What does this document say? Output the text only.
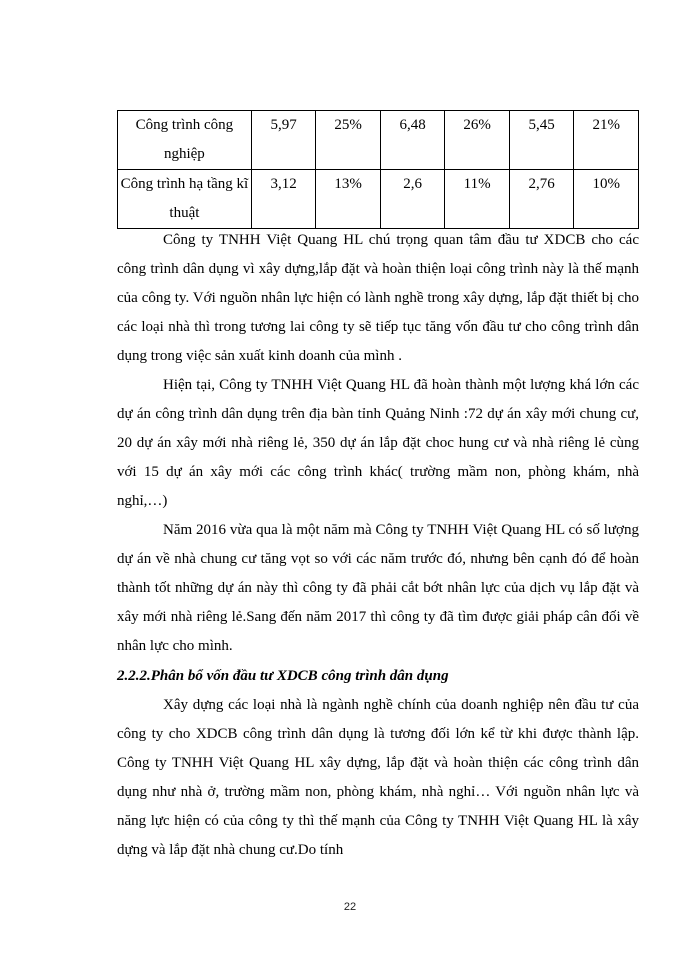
Công trình công nghiệp	5,97	25%	6,48	26%	5,45	21%
Công trình hạ tầng kĩ thuật	3,12	13%	2,6	11%	2,76	10%

Công ty TNHH Việt Quang HL chú trọng quan tâm đầu tư XDCB cho các công trình dân dụng vì xây dựng,lắp đặt và hoàn thiện loại công trình này là thế mạnh của công ty. Với nguồn nhân lực hiện có lành nghề trong xây dựng, lắp đặt thiết bị cho các loại nhà thì trong tương lai công ty sẽ tiếp tục tăng vốn đầu tư cho công trình dân dụng trong việc sản xuất kinh doanh của mình .

Hiện tại, Công ty TNHH Việt Quang HL đã hoàn thành một lượng khá lớn các dự án công trình dân dụng trên địa bàn tỉnh Quảng Ninh :72 dự án xây mới chung cư, 20 dự án xây mới nhà riêng lẻ, 350 dự án lắp đặt choc hung cư và nhà riêng lẻ cùng với 15 dự án xây mới các công trình khác( trường mầm non, phòng khám, nhà nghỉ,…)

Năm 2016 vừa qua là một năm mà Công ty TNHH Việt Quang HL có số lượng dự án về nhà chung cư tăng vọt so với các năm trước đó, nhưng bên cạnh đó để hoàn thành tốt những dự án này thì công ty đã phải cắt bớt nhân lực của dịch vụ lắp đặt và xây mới nhà riêng lẻ.Sang đến năm 2017 thì công ty đã tìm được giải pháp cân đối về nhân lực cho mình.

2.2.2.Phân bổ vốn đầu tư XDCB công trình dân dụng

Xây dựng các loại nhà là ngành nghề chính của doanh nghiệp nên đầu tư của công ty cho XDCB công trình dân dụng là tương đối lớn kể từ khi được thành lập. Công ty TNHH Việt Quang HL xây dựng, lắp đặt và hoàn thiện các công trình dân dụng như nhà ở, trường mầm non, phòng khám, nhà nghỉ… Với nguồn nhân lực và năng lực hiện có của công ty thì thế mạnh của Công ty TNHH Việt Quang HL là xây dựng và lắp đặt nhà chung cư.Do tính

22
